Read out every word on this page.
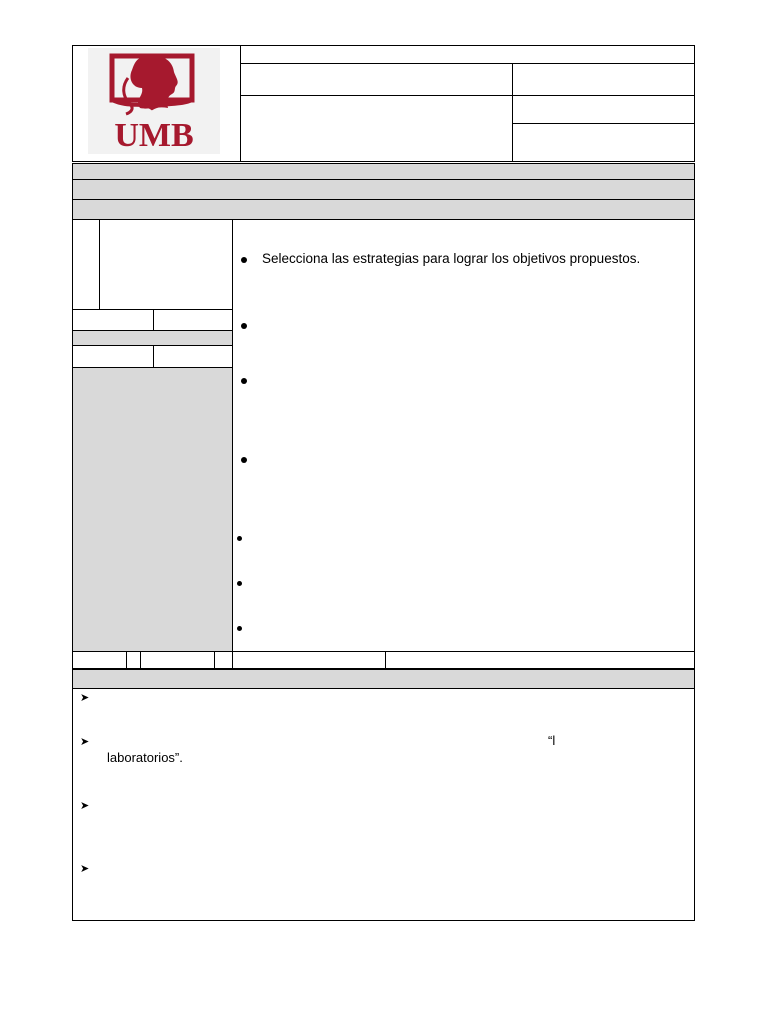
UMB
Selecciona las estrategias para lograr los objetivos propuestos.
➤
➤	“l
laboratorios”.
➤
➤
